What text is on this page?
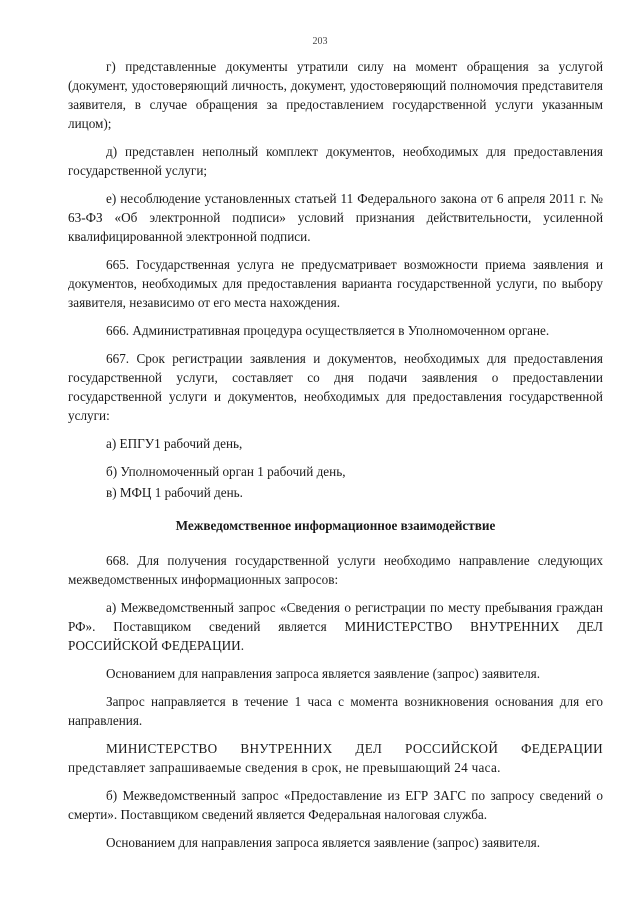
203

г) представленные документы утратили силу на момент обращения за услугой (документ, удостоверяющий личность, документ, удостоверяющий полномочия представителя заявителя, в случае обращения за предоставлением государственной услуги указанным лицом);

д) представлен неполный комплект документов, необходимых для предоставления государственной услуги;

е) несоблюдение установленных статьей 11 Федерального закона от 6 апреля 2011 г. № 63-ФЗ «Об электронной подписи» условий признания действительности, усиленной квалифицированной электронной подписи.

665. Государственная услуга не предусматривает возможности приема заявления и документов, необходимых для предоставления варианта государственной услуги, по выбору заявителя, независимо от его места нахождения.

666. Административная процедура осуществляется в Уполномоченном органе.

667. Срок регистрации заявления и документов, необходимых для предоставления государственной услуги, составляет со дня подачи заявления о предоставлении государственной услуги и документов, необходимых для предоставления государственной услуги:

а) ЕПГУ1 рабочий день,

б) Уполномоченный орган 1 рабочий день,

в) МФЦ 1 рабочий день.

Межведомственное информационное взаимодействие

668. Для получения государственной услуги необходимо направление следующих межведомственных информационных запросов:

а) Межведомственный запрос «Сведения о регистрации по месту пребывания граждан РФ». Поставщиком сведений является МИНИСТЕРСТВО ВНУТРЕННИХ ДЕЛ РОССИЙСКОЙ ФЕДЕРАЦИИ.

Основанием для направления запроса является заявление (запрос) заявителя.

Запрос направляется в течение 1 часа с момента возникновения основания для его направления.

МИНИСТЕРСТВО ВНУТРЕННИХ ДЕЛ РОССИЙСКОЙ ФЕДЕРАЦИИ представляет запрашиваемые сведения в срок, не превышающий 24 часа.

б) Межведомственный запрос «Предоставление из ЕГР ЗАГС по запросу сведений о смерти». Поставщиком сведений является Федеральная налоговая служба.

Основанием для направления запроса является заявление (запрос) заявителя.
